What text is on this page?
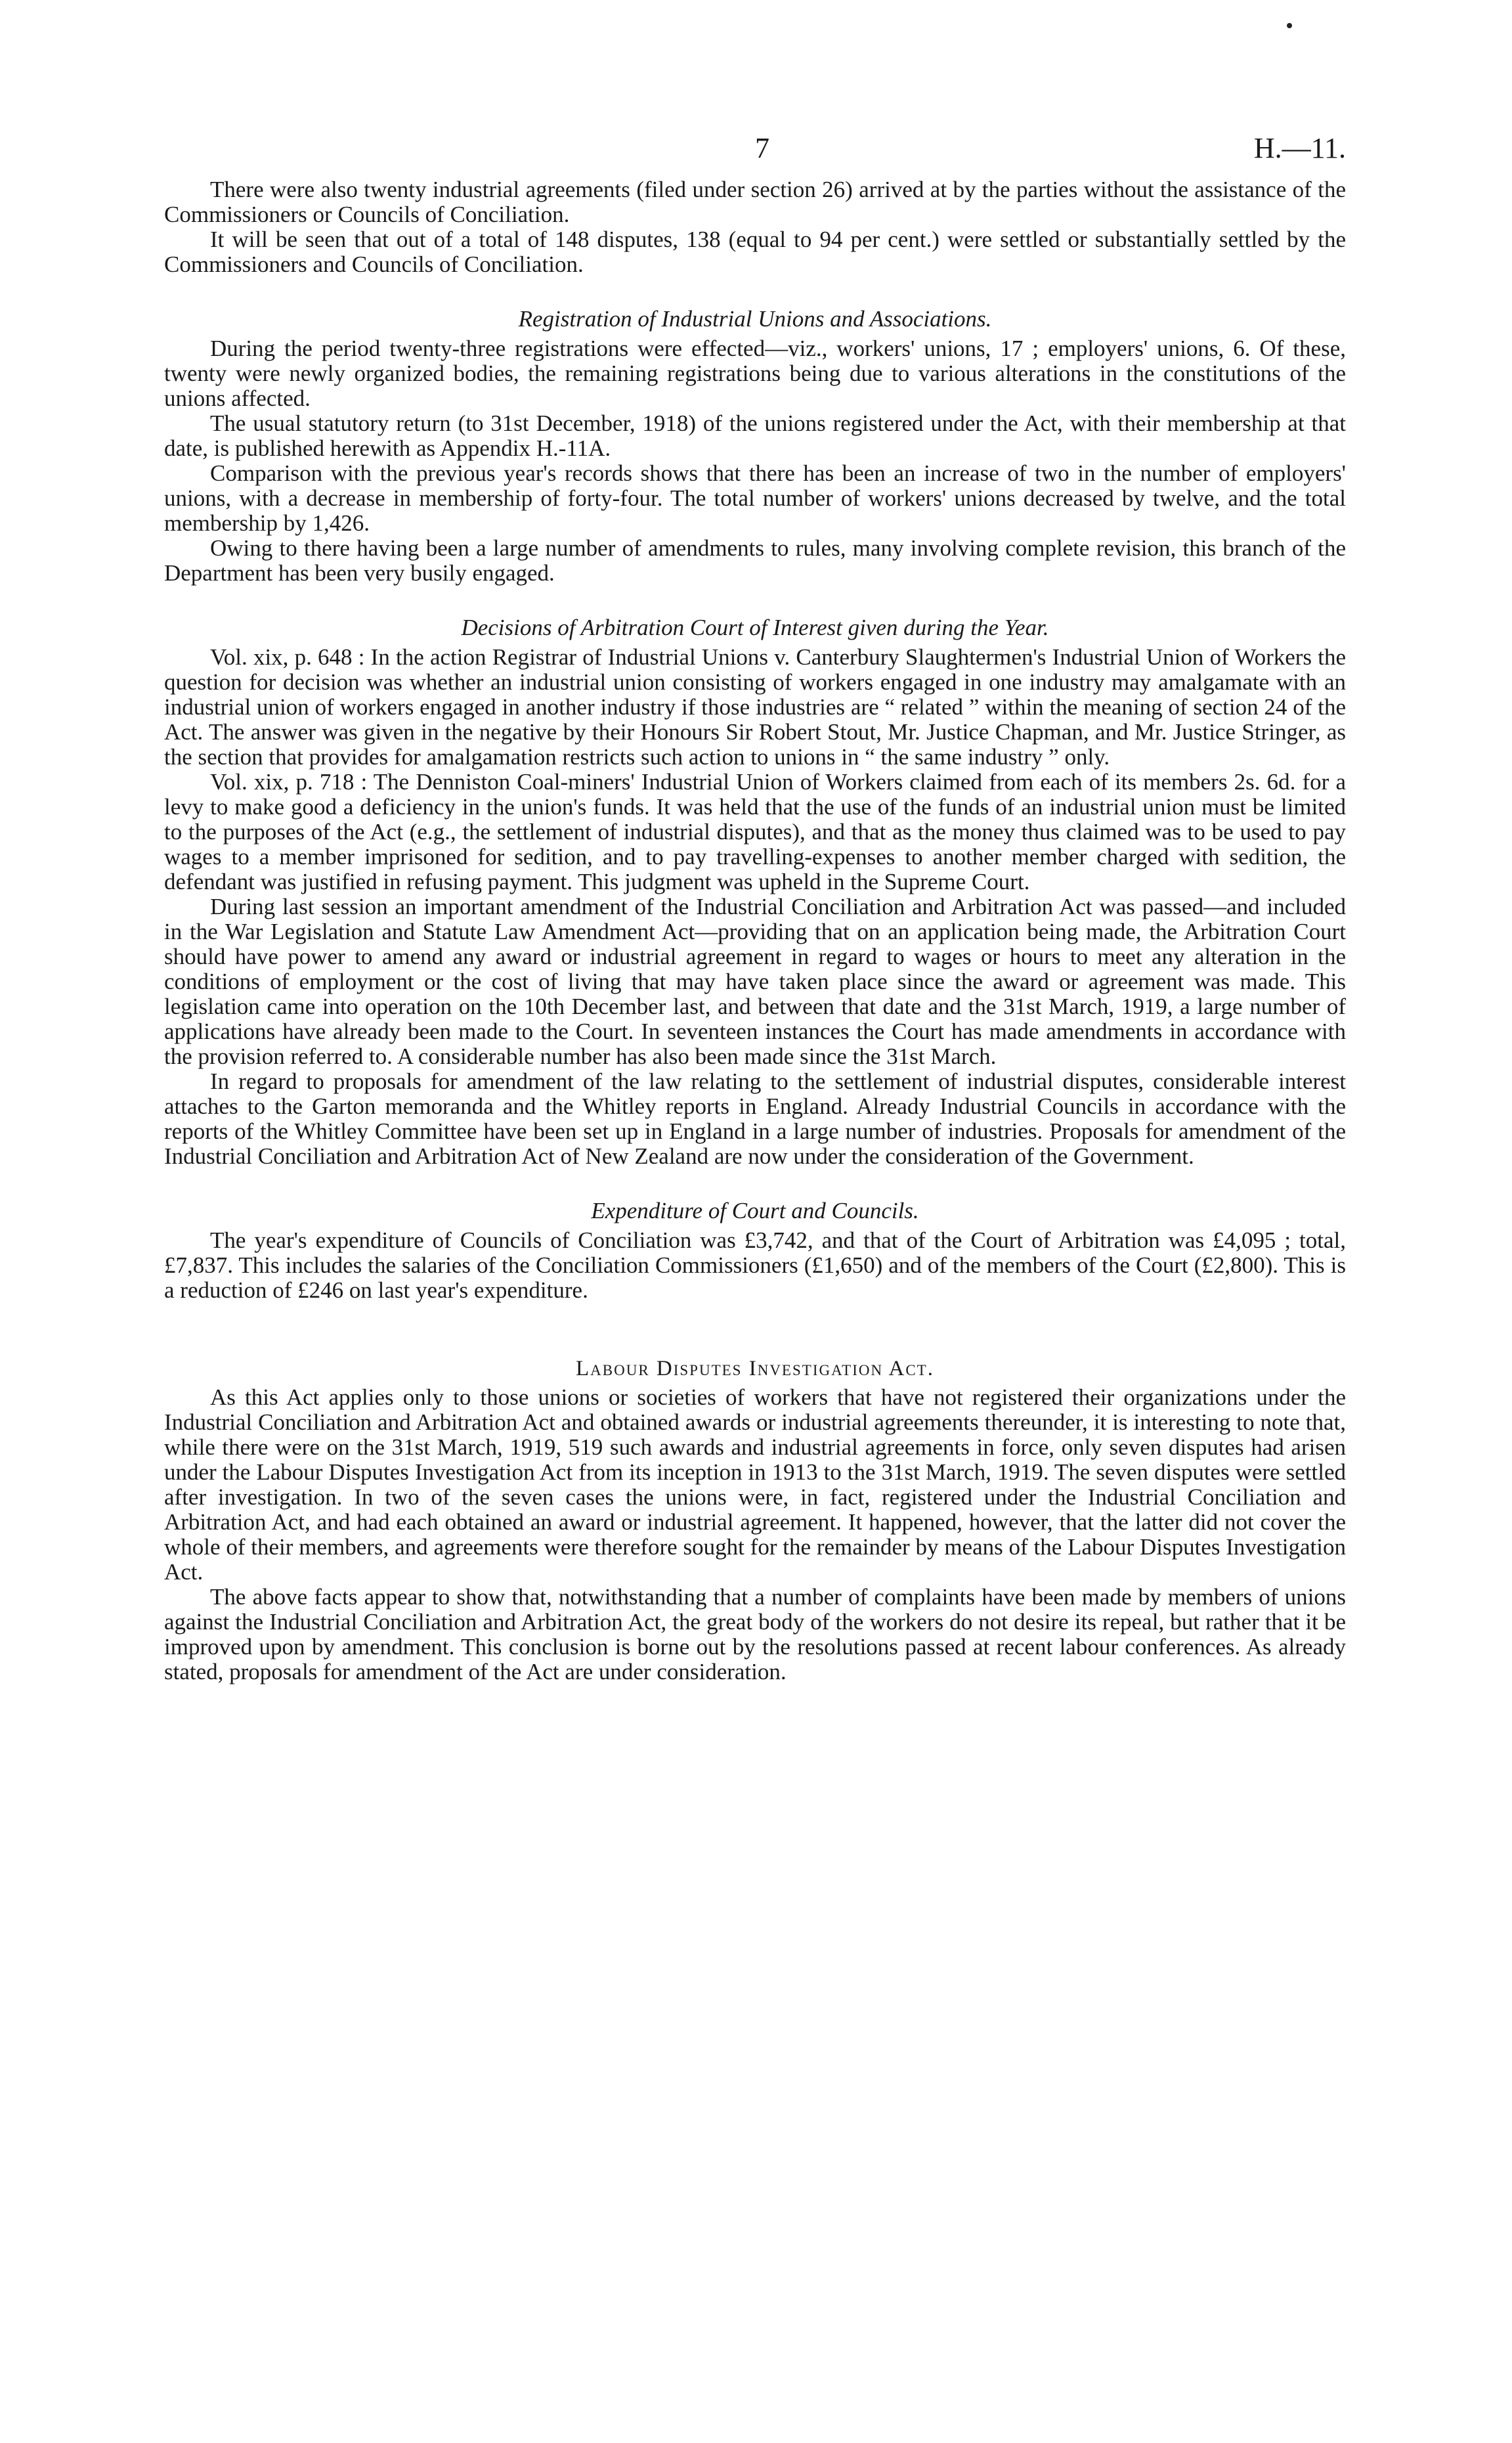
7	H.—11.

There were also twenty industrial agreements (filed under section 26) arrived at by the parties without the assistance of the Commissioners or Councils of Conciliation.

It will be seen that out of a total of 148 disputes, 138 (equal to 94 per cent.) were settled or substantially settled by the Commissioners and Councils of Conciliation.

Registration of Industrial Unions and Associations.

During the period twenty-three registrations were effected—viz., workers' unions, 17 ; employers' unions, 6. Of these, twenty were newly organized bodies, the remaining registrations being due to various alterations in the constitutions of the unions affected.

The usual statutory return (to 31st December, 1918) of the unions registered under the Act, with their membership at that date, is published herewith as Appendix H.-11A.

Comparison with the previous year's records shows that there has been an increase of two in the number of employers' unions, with a decrease in membership of forty-four. The total number of workers' unions decreased by twelve, and the total membership by 1,426.

Owing to there having been a large number of amendments to rules, many involving complete revision, this branch of the Department has been very busily engaged.

Decisions of Arbitration Court of Interest given during the Year.

Vol. xix, p. 648 : In the action Registrar of Industrial Unions v. Canterbury Slaughtermen's Industrial Union of Workers the question for decision was whether an industrial union consisting of workers engaged in one industry may amalgamate with an industrial union of workers engaged in another industry if those industries are “ related ” within the meaning of section 24 of the Act. The answer was given in the negative by their Honours Sir Robert Stout, Mr. Justice Chapman, and Mr. Justice Stringer, as the section that provides for amalgamation restricts such action to unions in “ the same industry ” only.

Vol. xix, p. 718 : The Denniston Coal-miners' Industrial Union of Workers claimed from each of its members 2s. 6d. for a levy to make good a deficiency in the union's funds. It was held that the use of the funds of an industrial union must be limited to the purposes of the Act (e.g., the settlement of industrial disputes), and that as the money thus claimed was to be used to pay wages to a member imprisoned for sedition, and to pay travelling-expenses to another member charged with sedition, the defendant was justified in refusing payment. This judgment was upheld in the Supreme Court.

During last session an important amendment of the Industrial Conciliation and Arbitration Act was passed—and included in the War Legislation and Statute Law Amendment Act—providing that on an application being made, the Arbitration Court should have power to amend any award or industrial agreement in regard to wages or hours to meet any alteration in the conditions of employment or the cost of living that may have taken place since the award or agreement was made. This legislation came into operation on the 10th December last, and between that date and the 31st March, 1919, a large number of applications have already been made to the Court. In seventeen instances the Court has made amendments in accordance with the provision referred to. A considerable number has also been made since the 31st March.

In regard to proposals for amendment of the law relating to the settlement of industrial disputes, considerable interest attaches to the Garton memoranda and the Whitley reports in England. Already Industrial Councils in accordance with the reports of the Whitley Committee have been set up in England in a large number of industries. Proposals for amendment of the Industrial Conciliation and Arbitration Act of New Zealand are now under the consideration of the Government.

Expenditure of Court and Councils.

The year's expenditure of Councils of Conciliation was £3,742, and that of the Court of Arbitration was £4,095 ; total, £7,837. This includes the salaries of the Conciliation Commissioners (£1,650) and of the members of the Court (£2,800). This is a reduction of £246 on last year's expenditure.

Labour Disputes Investigation Act.

As this Act applies only to those unions or societies of workers that have not registered their organizations under the Industrial Conciliation and Arbitration Act and obtained awards or industrial agreements thereunder, it is interesting to note that, while there were on the 31st March, 1919, 519 such awards and industrial agreements in force, only seven disputes had arisen under the Labour Disputes Investigation Act from its inception in 1913 to the 31st March, 1919. The seven disputes were settled after investigation. In two of the seven cases the unions were, in fact, registered under the Industrial Conciliation and Arbitration Act, and had each obtained an award or industrial agreement. It happened, however, that the latter did not cover the whole of their members, and agreements were therefore sought for the remainder by means of the Labour Disputes Investigation Act.

The above facts appear to show that, notwithstanding that a number of complaints have been made by members of unions against the Industrial Conciliation and Arbitration Act, the great body of the workers do not desire its repeal, but rather that it be improved upon by amendment. This conclusion is borne out by the resolutions passed at recent labour conferences. As already stated, proposals for amendment of the Act are under consideration.
